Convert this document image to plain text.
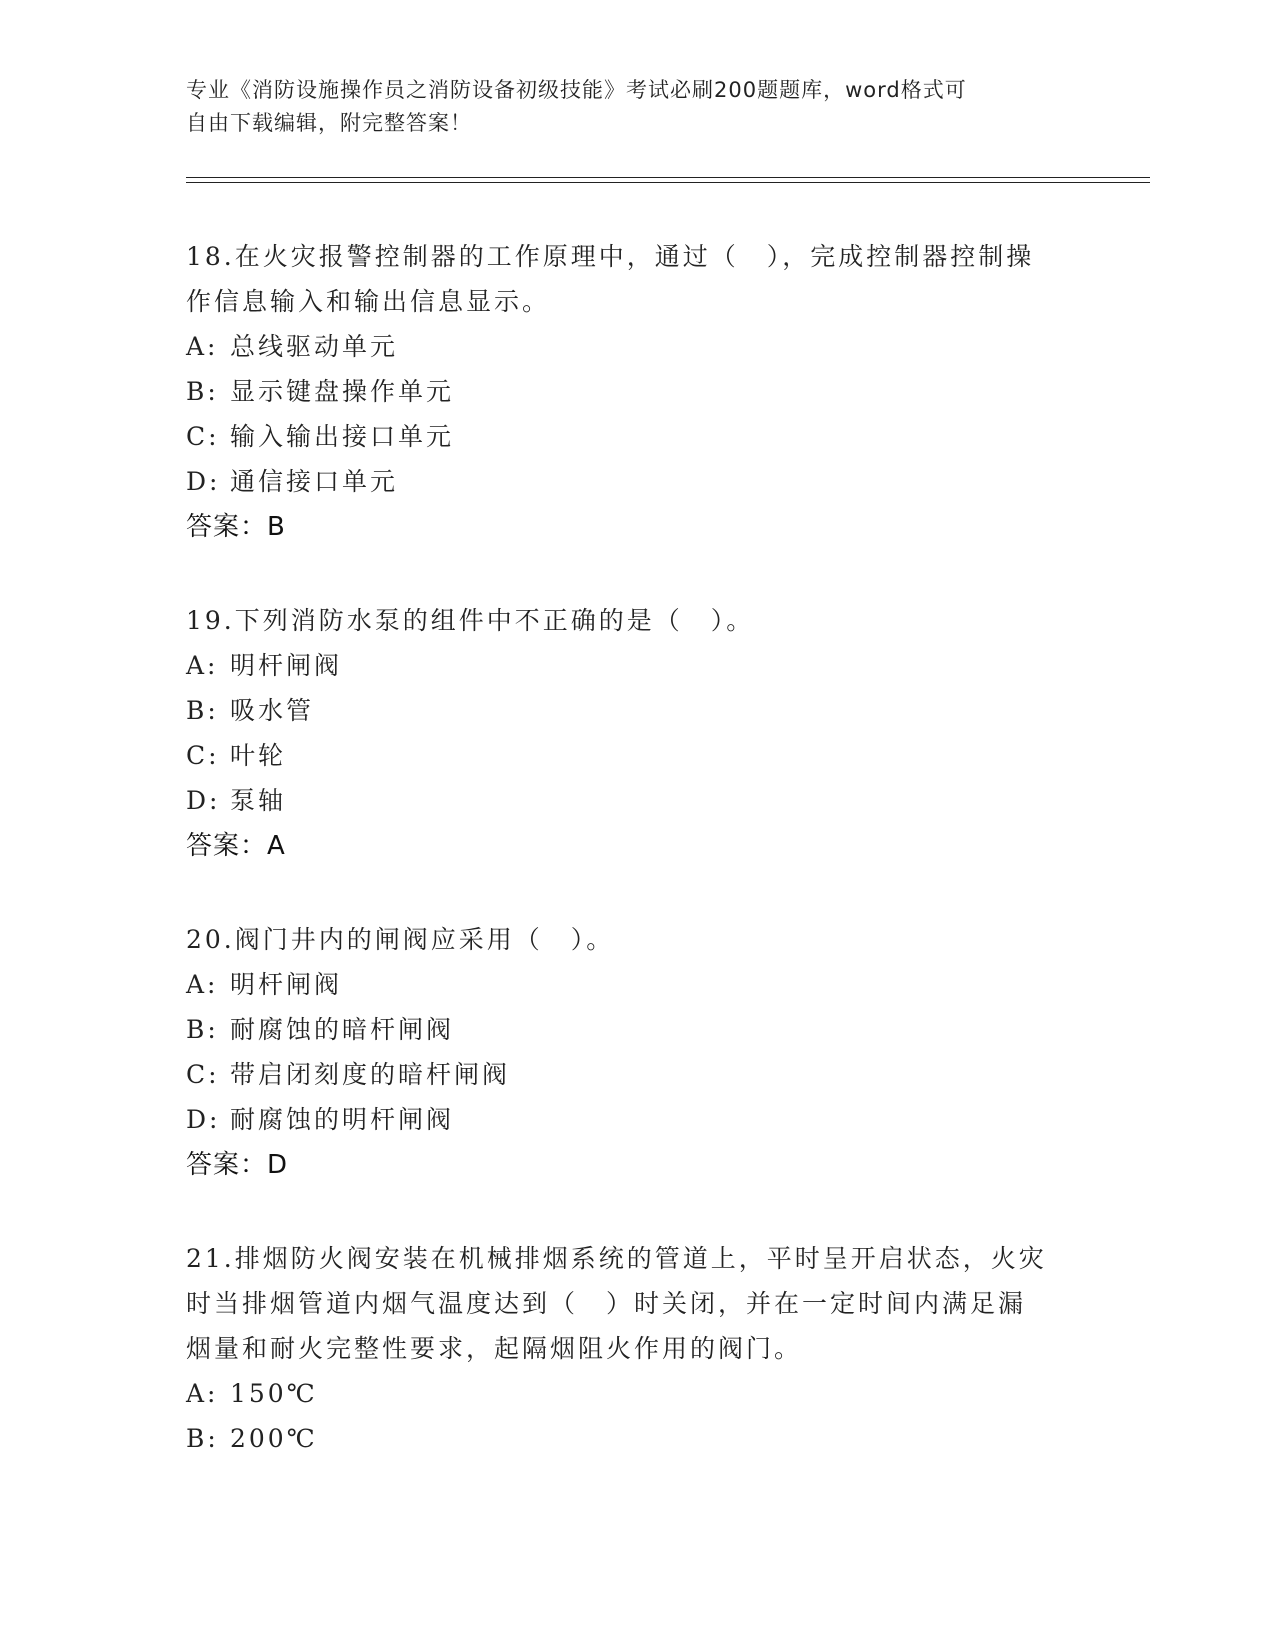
专业《消防设施操作员之消防设备初级技能》考试必刷200题题库，word格式可
自由下载编辑，附完整答案！

18.在火灾报警控制器的工作原理中，通过（　），完成控制器控制操

作信息输入和输出信息显示。

A: 总线驱动单元

B: 显示键盘操作单元

C: 输入输出接口单元

D: 通信接口单元

答案：B

19.下列消防水泵的组件中不正确的是（　）。

A: 明杆闸阀

B: 吸水管

C: 叶轮

D: 泵轴

答案：A

20.阀门井内的闸阀应采用（　）。

A: 明杆闸阀

B: 耐腐蚀的暗杆闸阀

C: 带启闭刻度的暗杆闸阀

D: 耐腐蚀的明杆闸阀

答案：D

21.排烟防火阀安装在机械排烟系统的管道上，平时呈开启状态，火灾

时当排烟管道内烟气温度达到（　）时关闭，并在一定时间内满足漏

烟量和耐火完整性要求，起隔烟阻火作用的阀门。

A: 150℃

B: 200℃
